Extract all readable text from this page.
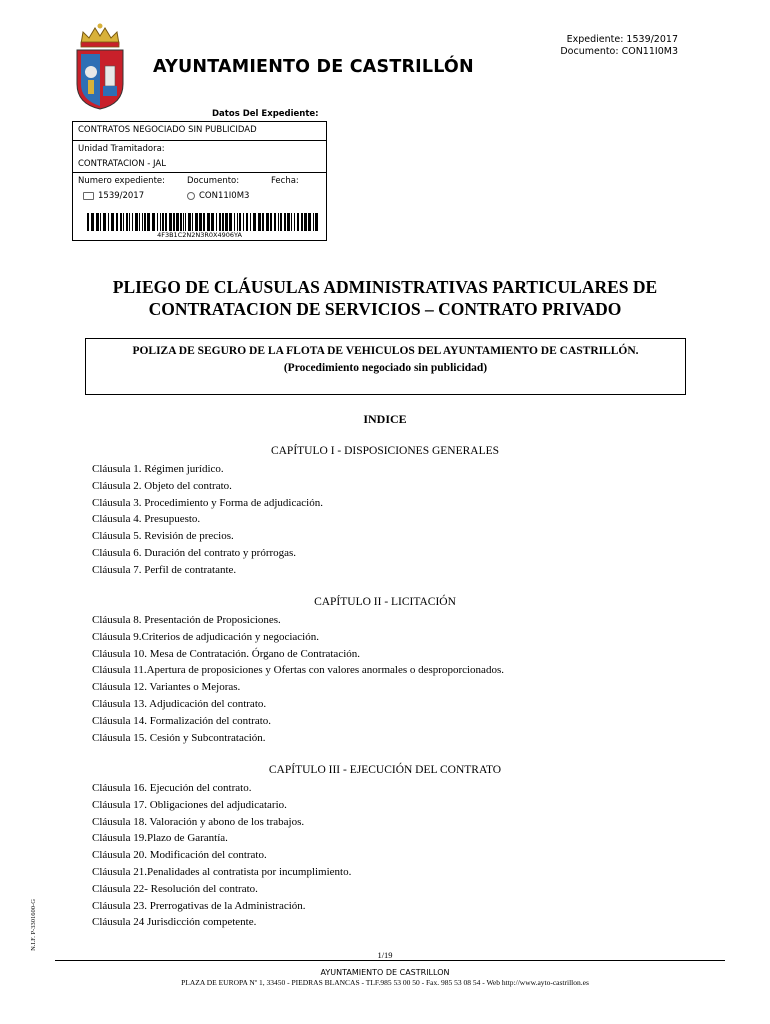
Expediente: 1539/2017
Documento: CON11I0M3
AYUNTAMIENTO DE CASTRILLÓN
Datos Del Expediente:
CONTRATOS NEGOCIADO SIN PUBLICIDAD
Unidad Tramitadora:
CONTRATACION - JAL
Numero expediente:	Documento:	Fecha:
1539/2017	CON11I0M3
4F3B1C2N2N3R0X4906YA
PLIEGO DE CLÁUSULAS ADMINISTRATIVAS PARTICULARES DE
CONTRATACION DE SERVICIOS – CONTRATO PRIVADO
POLIZA DE SEGURO DE LA FLOTA DE VEHICULOS DEL AYUNTAMIENTO DE CASTRILLÓN.
(Procedimiento negociado sin publicidad)
INDICE
CAPÍTULO I - DISPOSICIONES GENERALES
Cláusula 1. Régimen jurídico.
Cláusula 2. Objeto del contrato.
Cláusula 3. Procedimiento y Forma de adjudicación.
Cláusula 4. Presupuesto.
Cláusula 5. Revisión de precios.
Cláusula 6. Duración del contrato y prórrogas.
Cláusula 7. Perfil de contratante.
CAPÍTULO II - LICITACIÓN
Cláusula 8. Presentación de Proposiciones.
Cláusula 9.Criterios de adjudicación y negociación.
Cláusula 10. Mesa de Contratación. Órgano de Contratación.
Cláusula 11.Apertura de proposiciones y Ofertas con valores anormales o desproporcionados.
Cláusula 12. Variantes o Mejoras.
Cláusula 13. Adjudicación del contrato.
Cláusula 14. Formalización del contrato.
Cláusula 15. Cesión y Subcontratación.
CAPÍTULO III - EJECUCIÓN DEL CONTRATO
Cláusula 16. Ejecución del contrato.
Cláusula 17. Obligaciones del adjudicatario.
Cláusula 18. Valoración y abono de los trabajos.
Cláusula 19.Plazo de Garantía.
Cláusula 20. Modificación del contrato.
Cláusula 21.Penalidades al contratista por incumplimiento.
Cláusula 22- Resolución del contrato.
Cláusula 23. Prerrogativas de la Administración.
Cláusula 24 Jurisdicción competente.
N.I.F. P-3301600-G
1/19
AYUNTAMIENTO DE CASTRILLON
PLAZA DE EUROPA Nº 1, 33450 - PIEDRAS BLANCAS - TLF.985 53 00 50 - Fax. 985 53 08 54 - Web http://www.ayto-castrillon.es
